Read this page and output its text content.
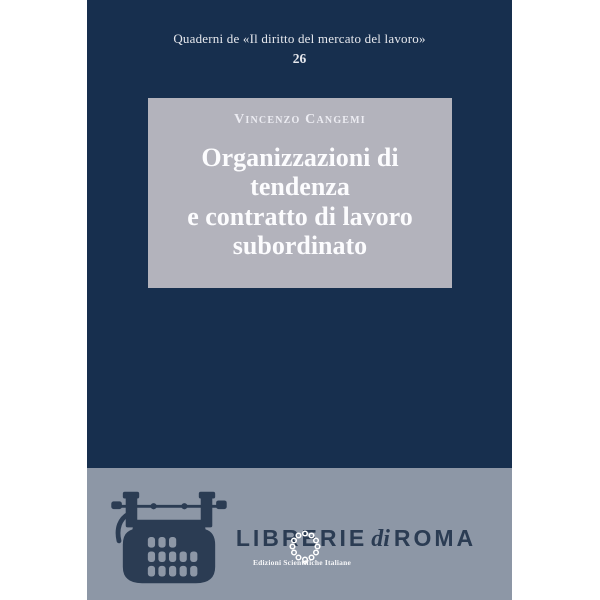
Quaderni de «Il diritto del mercato del lavoro»
26
Vincenzo Cangemi
Organizzazioni di tendenza
e contratto di lavoro
subordinato
LIBRERIE di ROMA
Edizioni Scientifiche Italiane
